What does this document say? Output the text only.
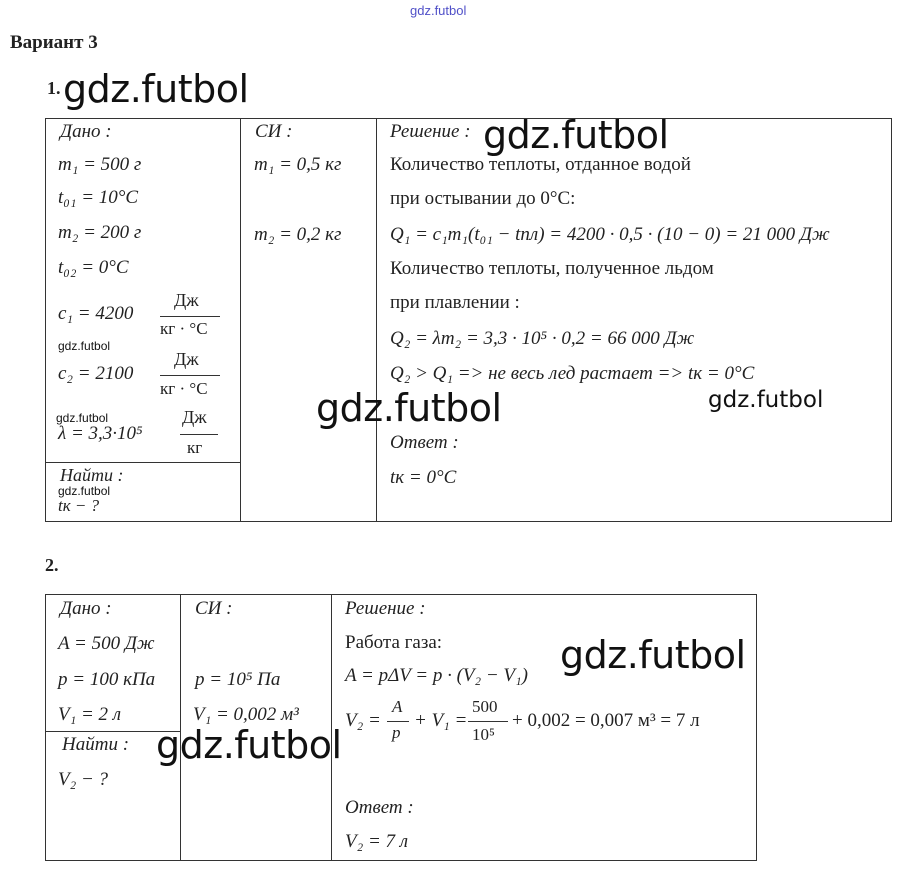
gdz.futbol
Вариант 3
1. gdz.futbol
Дано :
m₁ = 500 г
t₀₁ = 10°C
m₂ = 200 г
t₀₂ = 0°C
c₁ = 4200
Дж
кг · °C
gdz.futbol
c₂ = 2100
Дж
кг · °C
gdz.futbol
λ = 3,3·10⁵
Дж
кг
Найти :
gdz.futbol
tк − ?
СИ :
m₁ = 0,5 кг
m₂ = 0,2 кг
Решение : gdz.futbol
Количество теплоты, отданное водой
при остывании до 0°C:
Q₁ = c₁m₁(t₀₁ − tпл) = 4200 · 0,5 · (10 − 0) = 21 000 Дж
Количество теплоты, полученное льдом
при плавлении :
Q₂ = λm₂ = 3,3 · 10⁵ · 0,2 = 66 000 Дж
Q₂ > Q₁ => не весь лед растает => tк = 0°C
gdz.futbol	gdz.futbol
Ответ :
tк = 0°C
2.
Дано :
A = 500 Дж
p = 100 кПа
V₁ = 2 л
Найти :
V₂ − ?
СИ :
p = 10⁵ Па
V₁ = 0,002 м³
gdz.futbol
Решение :
Работа газа:	gdz.futbol
A = pΔV = p · (V₂ − V₁)
V₂ =
A
p
+ V₁ =
500
10⁵
+ 0,002 = 0,007 м³ = 7 л
Ответ :
V₂ = 7 л
